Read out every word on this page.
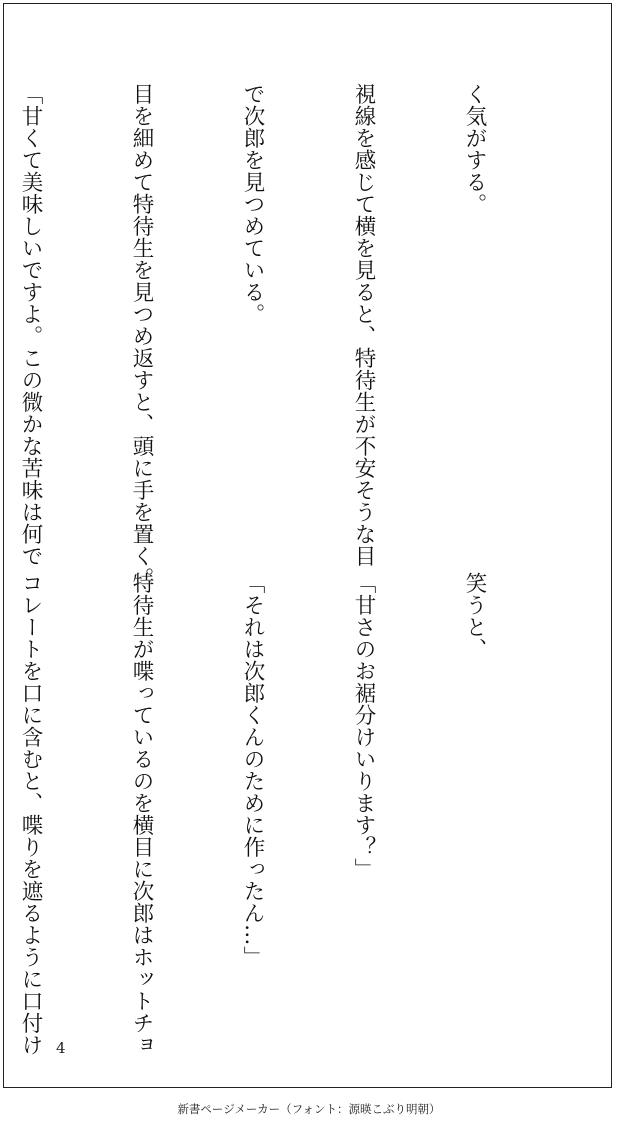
く気がする。

視線を感じて横を見ると、特待生が不安そうな目

で次郎を見つめている。

目を細めて特待生を見つめ返すと、頭に手を置く。

「甘くて美味しいですよ。この微かな苦味は何で

笑うと、

「甘さのお裾分けいります？」

「それは次郎くんのために作ったん…」

特待生が喋っているのを横目に次郎はホットチョ

コレートを口に含むと、喋りを遮るように口付け

4
新書ページメーカー（フォント：源暎こぶり明朝）
